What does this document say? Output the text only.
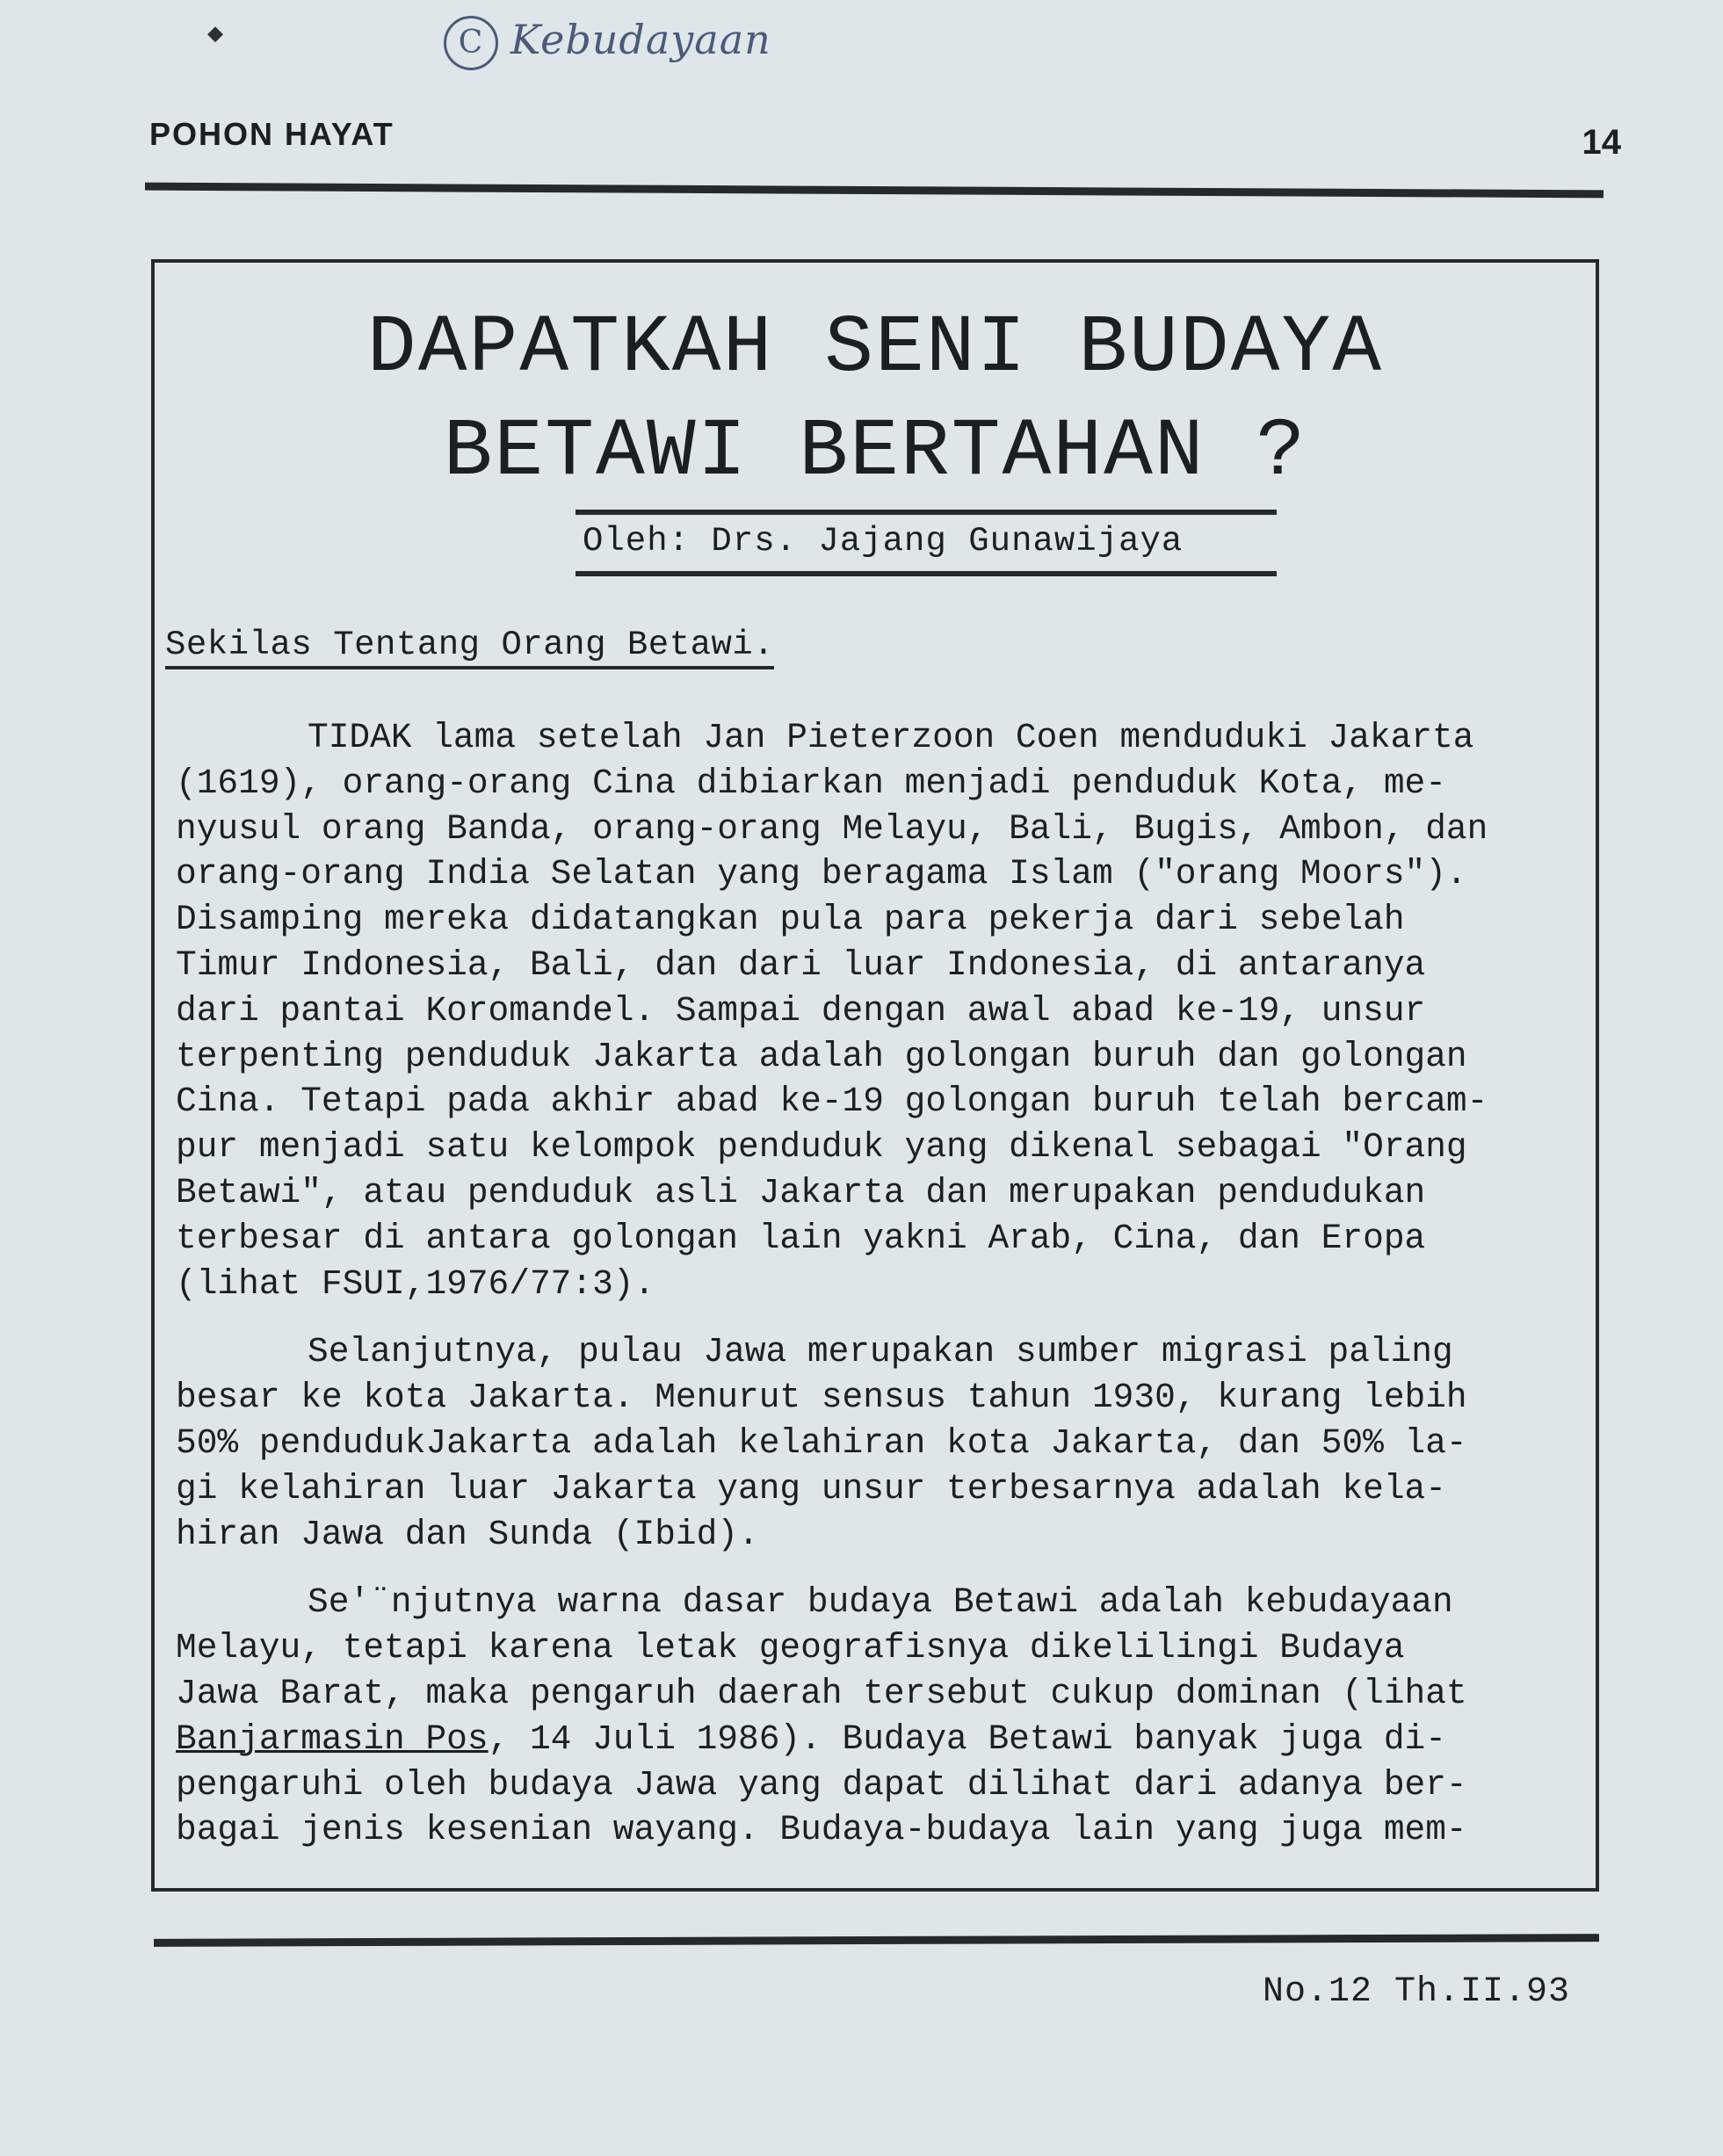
◆	C Kebudayaan
POHON HAYAT	14
DAPATKAH SENI BUDAYA
BETAWI BERTAHAN ?
Oleh: Drs. Jajang Gunawijaya
Sekilas Tentang Orang Betawi.

TIDAK lama setelah Jan Pieterzoon Coen menduduki Jakarta
(1619), orang-orang Cina dibiarkan menjadi penduduk Kota, me-
nyusul orang Banda, orang-orang Melayu, Bali, Bugis, Ambon, dan
orang-orang India Selatan yang beragama Islam ("orang Moors").
Disamping mereka didatangkan pula para pekerja dari sebelah
Timur Indonesia, Bali, dan dari luar Indonesia, di antaranya
dari pantai Koromandel. Sampai dengan awal abad ke-19, unsur
terpenting penduduk Jakarta adalah golongan buruh dan golongan
Cina. Tetapi pada akhir abad ke-19 golongan buruh telah bercam-
pur menjadi satu kelompok penduduk yang dikenal sebagai "Orang
Betawi", atau penduduk asli Jakarta dan merupakan pendudukan
terbesar di antara golongan lain yakni Arab, Cina, dan Eropa
(lihat FSUI,1976/77:3).

Selanjutnya, pulau Jawa merupakan sumber migrasi paling
besar ke kota Jakarta. Menurut sensus tahun 1930, kurang lebih
50% pendudukJakarta adalah kelahiran kota Jakarta, dan 50% la-
gi kelahiran luar Jakarta yang unsur terbesarnya adalah kela-
hiran Jawa dan Sunda (Ibid).

Se'¨njutnya warna dasar budaya Betawi adalah kebudayaan
Melayu, tetapi karena letak geografisnya dikelilingi Budaya
Jawa Barat, maka pengaruh daerah tersebut cukup dominan (lihat
Banjarmasin Pos, 14 Juli 1986). Budaya Betawi banyak juga di-
pengaruhi oleh budaya Jawa yang dapat dilihat dari adanya ber-
bagai jenis kesenian wayang. Budaya-budaya lain yang juga mem-

No.12 Th.II.93
